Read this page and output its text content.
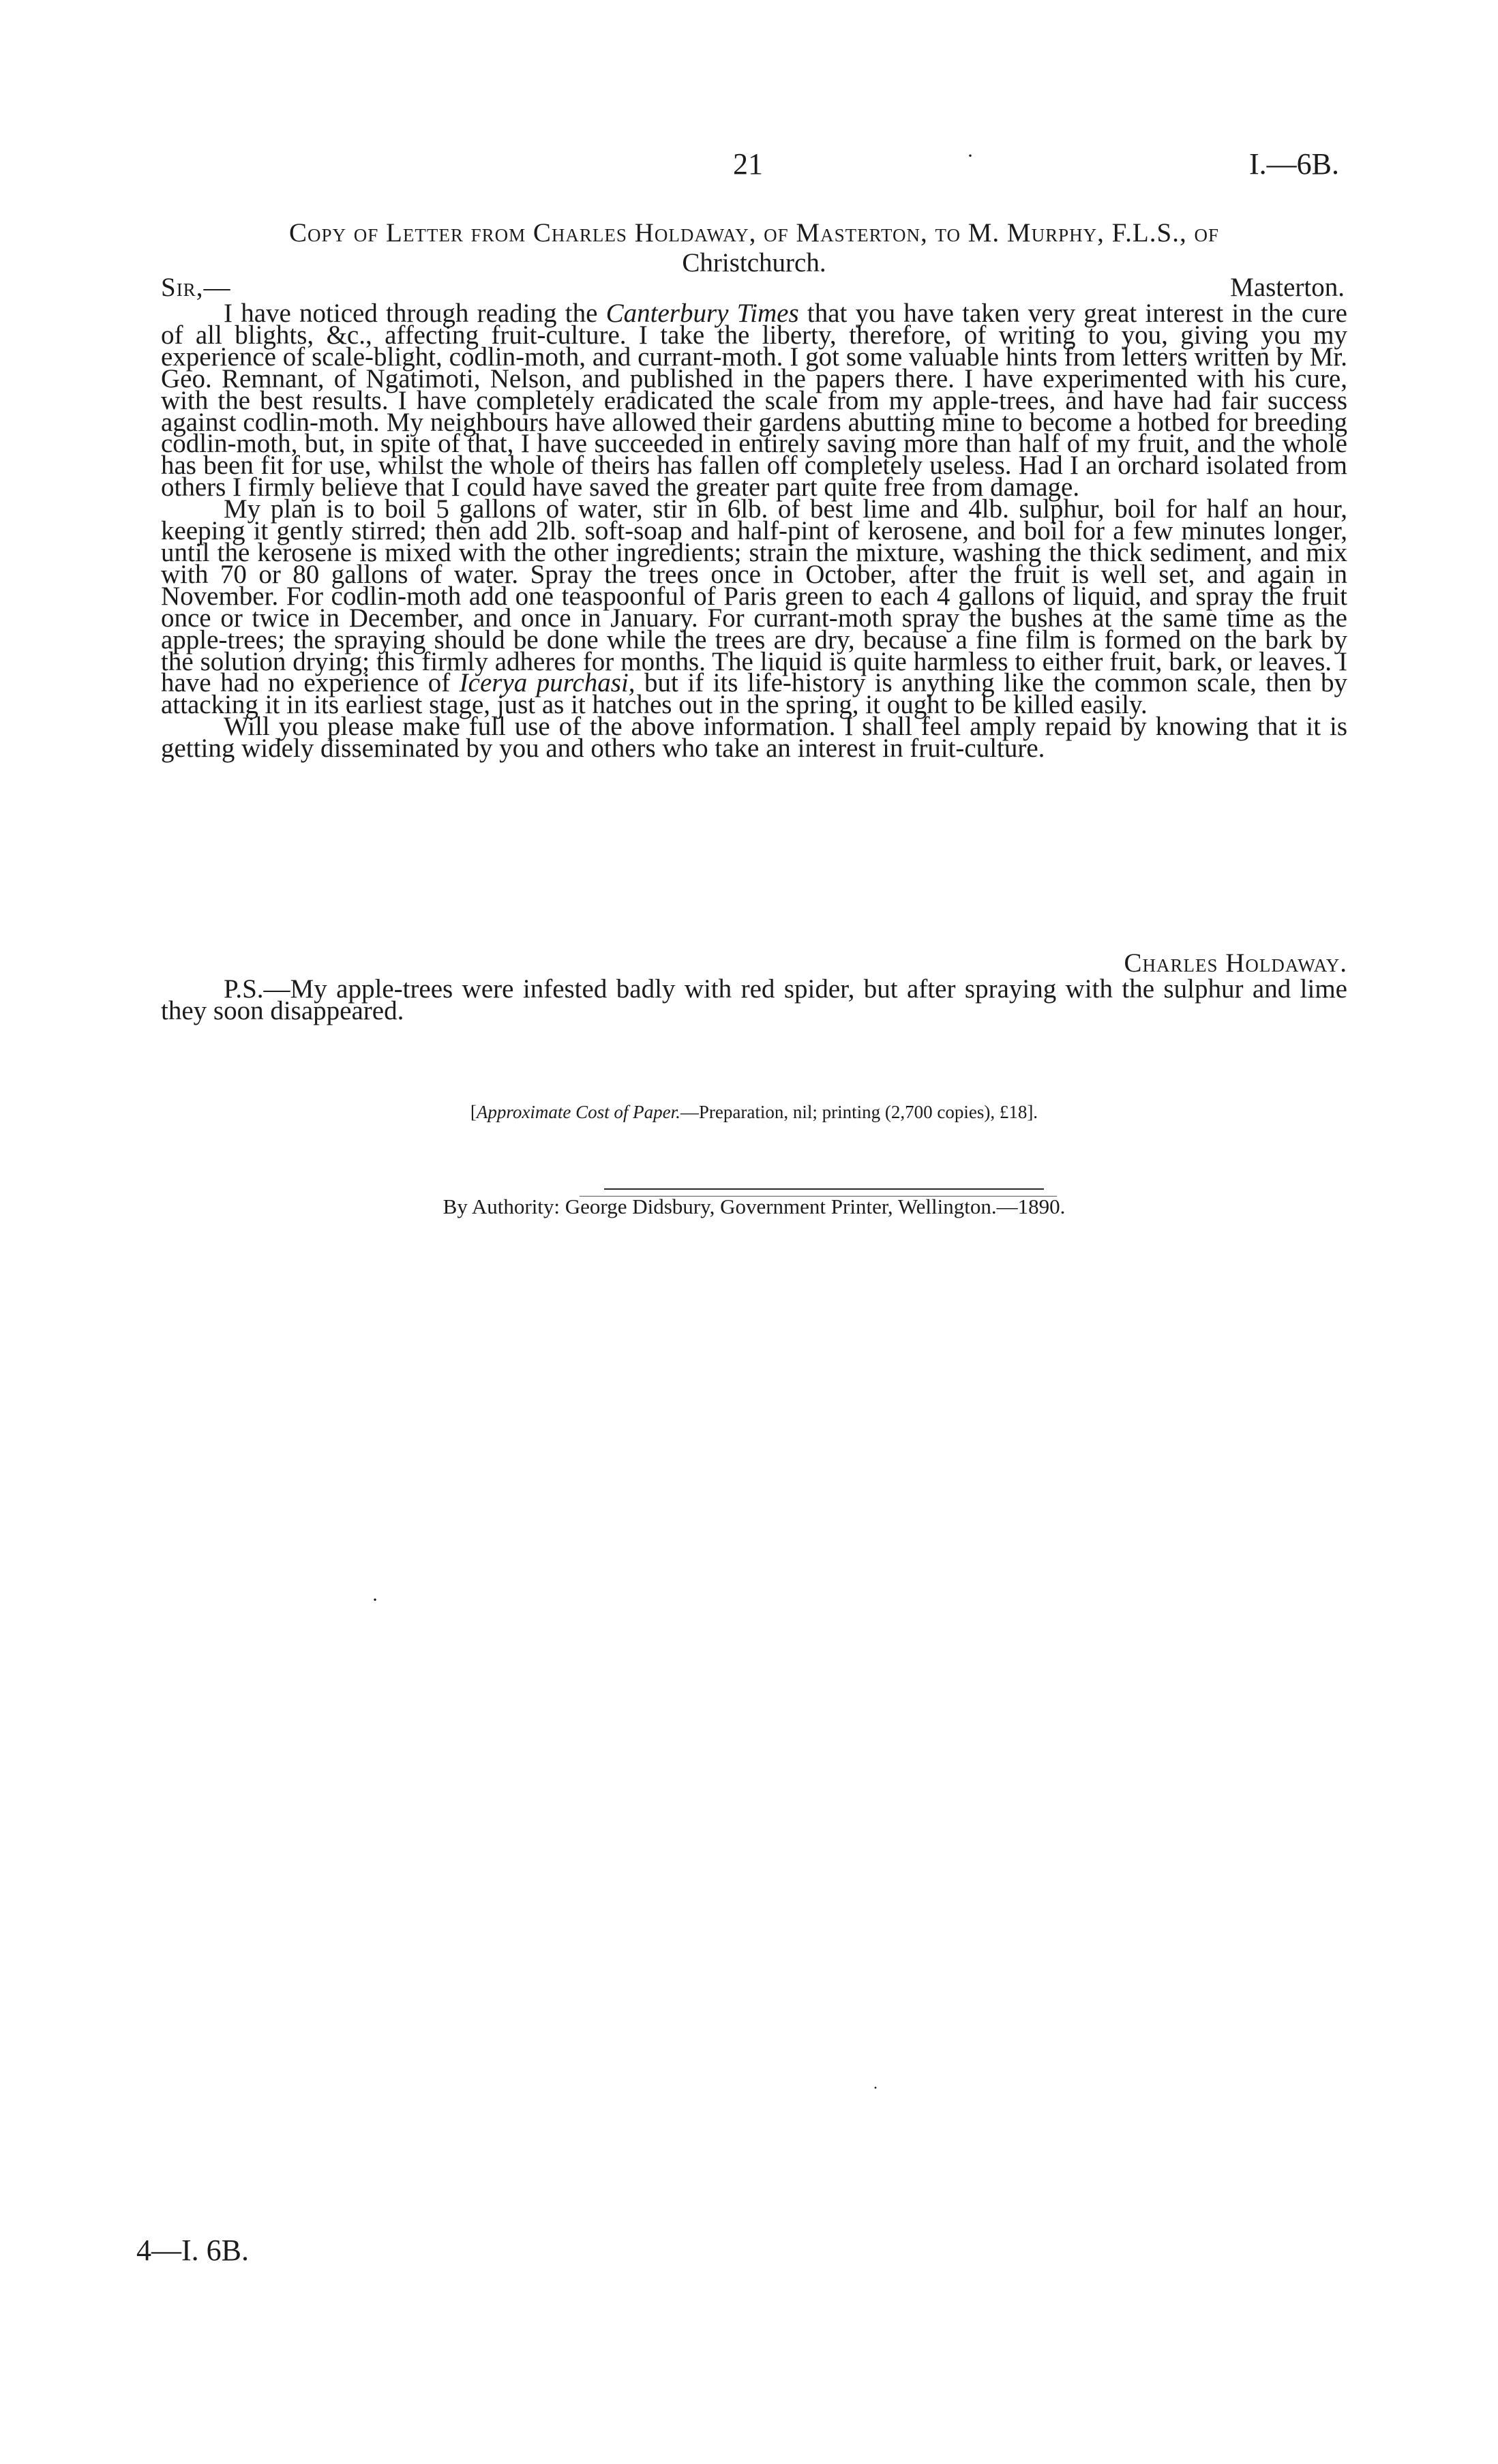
21	·	I.—6B.
Copy of Letter from Charles Holdaway, of Masterton, to M. Murphy, F.L.S., of
Christchurch.
Sir,—	Masterton.

I have noticed through reading the Canterbury Times that you have taken very great interest in the cure of all blights, &c., affecting fruit-culture. I take the liberty, therefore, of writing to you, giving you my experience of scale-blight, codlin-moth, and currant-moth. I got some valuable hints from letters written by Mr. Geo. Remnant, of Ngatimoti, Nelson, and published in the papers there. I have experimented with his cure, with the best results. I have completely eradicated the scale from my apple-trees, and have had fair success against codlin-moth. My neighbours have allowed their gardens abutting mine to become a hotbed for breeding codlin-moth, but, in spite of that, I have succeeded in entirely saving more than half of my fruit, and the whole has been fit for use, whilst the whole of theirs has fallen off completely useless. Had I an orchard isolated from others I firmly believe that I could have saved the greater part quite free from damage.

My plan is to boil 5 gallons of water, stir in 6lb. of best lime and 4lb. sulphur, boil for half an hour, keeping it gently stirred; then add 2lb. soft-soap and half-pint of kerosene, and boil for a few minutes longer, until the kerosene is mixed with the other ingredients; strain the mixture, washing the thick sediment, and mix with 70 or 80 gallons of water. Spray the trees once in October, after the fruit is well set, and again in November. For codlin-moth add one teaspoonful of Paris green to each 4 gallons of liquid, and spray the fruit once or twice in December, and once in January. For currant-moth spray the bushes at the same time as the apple-trees; the spraying should be done while the trees are dry, because a fine film is formed on the bark by the solution drying; this firmly adheres for months. The liquid is quite harmless to either fruit, bark, or leaves. I have had no experience of Icerya purchasi, but if its life-history is anything like the common scale, then by attacking it in its earliest stage, just as it hatches out in the spring, it ought to be killed easily.

Will you please make full use of the above information. I shall feel amply repaid by knowing that it is getting widely disseminated by you and others who take an interest in fruit-culture.

Charles Holdaway.
P.S.—My apple-trees were infested badly with red spider, but after spraying with the sulphur and lime they soon disappeared.
[Approximate Cost of Paper.—Preparation, nil; printing (2,700 copies), £18].
By Authority: George Didsbury, Government Printer, Wellington.—1890.
·
·
4—I. 6B.
